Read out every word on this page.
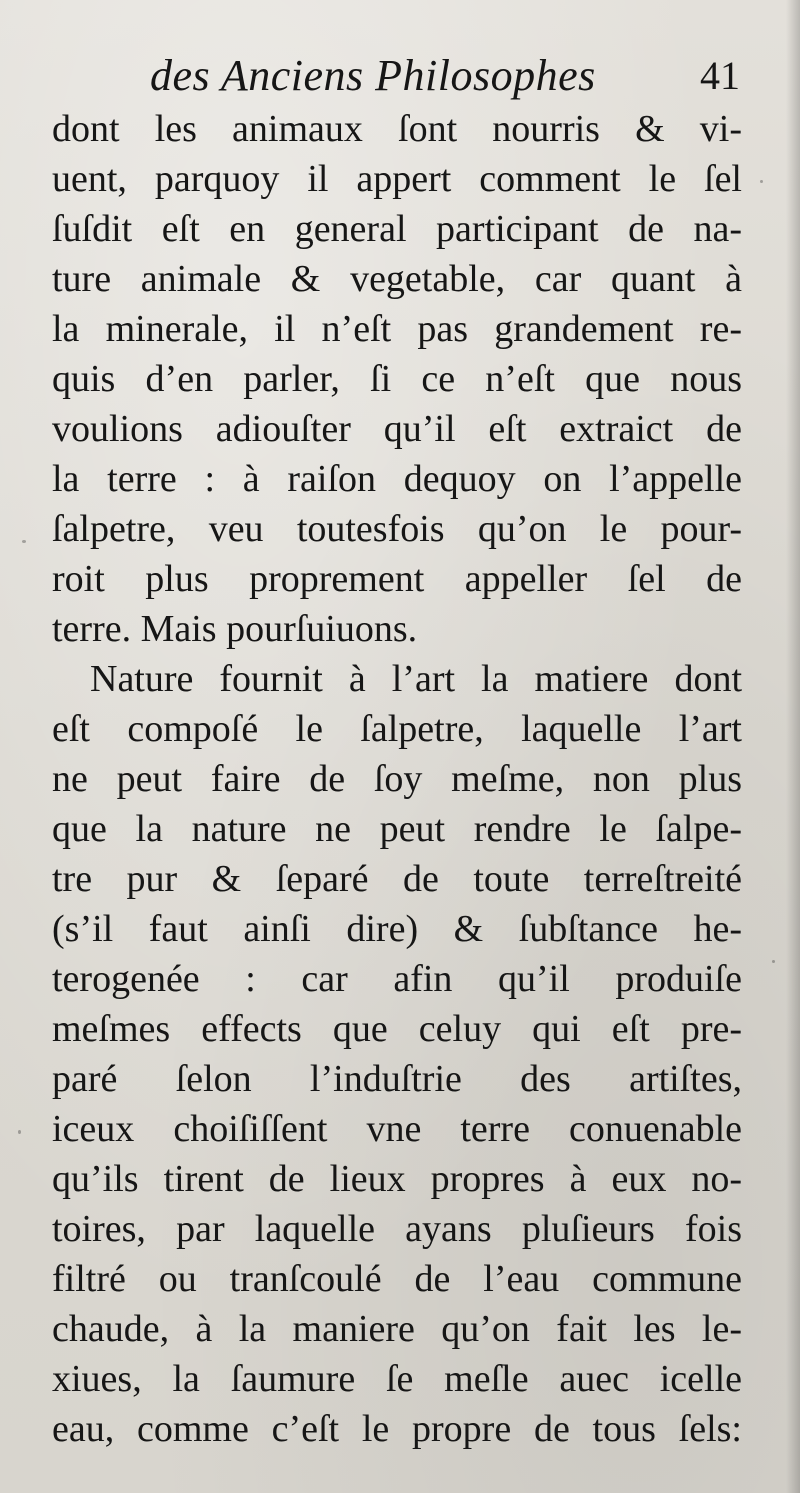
des Anciens Philosophes	41
dont les animaux ſont nourris & vi-
uent, parquoy il appert comment le ſel
ſuſdit eſt en general participant de na-
ture animale & vegetable, car quant à
la minerale, il n’eſt pas grandement re-
quis d’en parler, ſi ce n’eſt que nous
voulions adiouſter qu’il eſt extraict de
la terre : à raiſon dequoy on l’appelle
ſalpetre, veu toutesfois qu’on le pour-
roit plus proprement appeller ſel de
terre. Mais pourſuiuons.
Nature fournit à l’art la matiere dont
eſt compoſé le ſalpetre, laquelle l’art
ne peut faire de ſoy meſme, non plus
que la nature ne peut rendre le ſalpe-
tre pur & ſeparé de toute terreſtreité
(s’il faut ainſi dire) & ſubſtance he-
terogenée : car afin qu’il produiſe
meſmes effects que celuy qui eſt pre-
paré ſelon l’induſtrie des artiſtes,
iceux choiſiſſent vne terre conuenable
qu’ils tirent de lieux propres à eux no-
toires, par laquelle ayans pluſieurs fois
filtré ou tranſcoulé de l’eau commune
chaude, à la maniere qu’on fait les le-
xiues, la ſaumure ſe meſle auec icelle
eau, comme c’eſt le propre de tous ſels:
